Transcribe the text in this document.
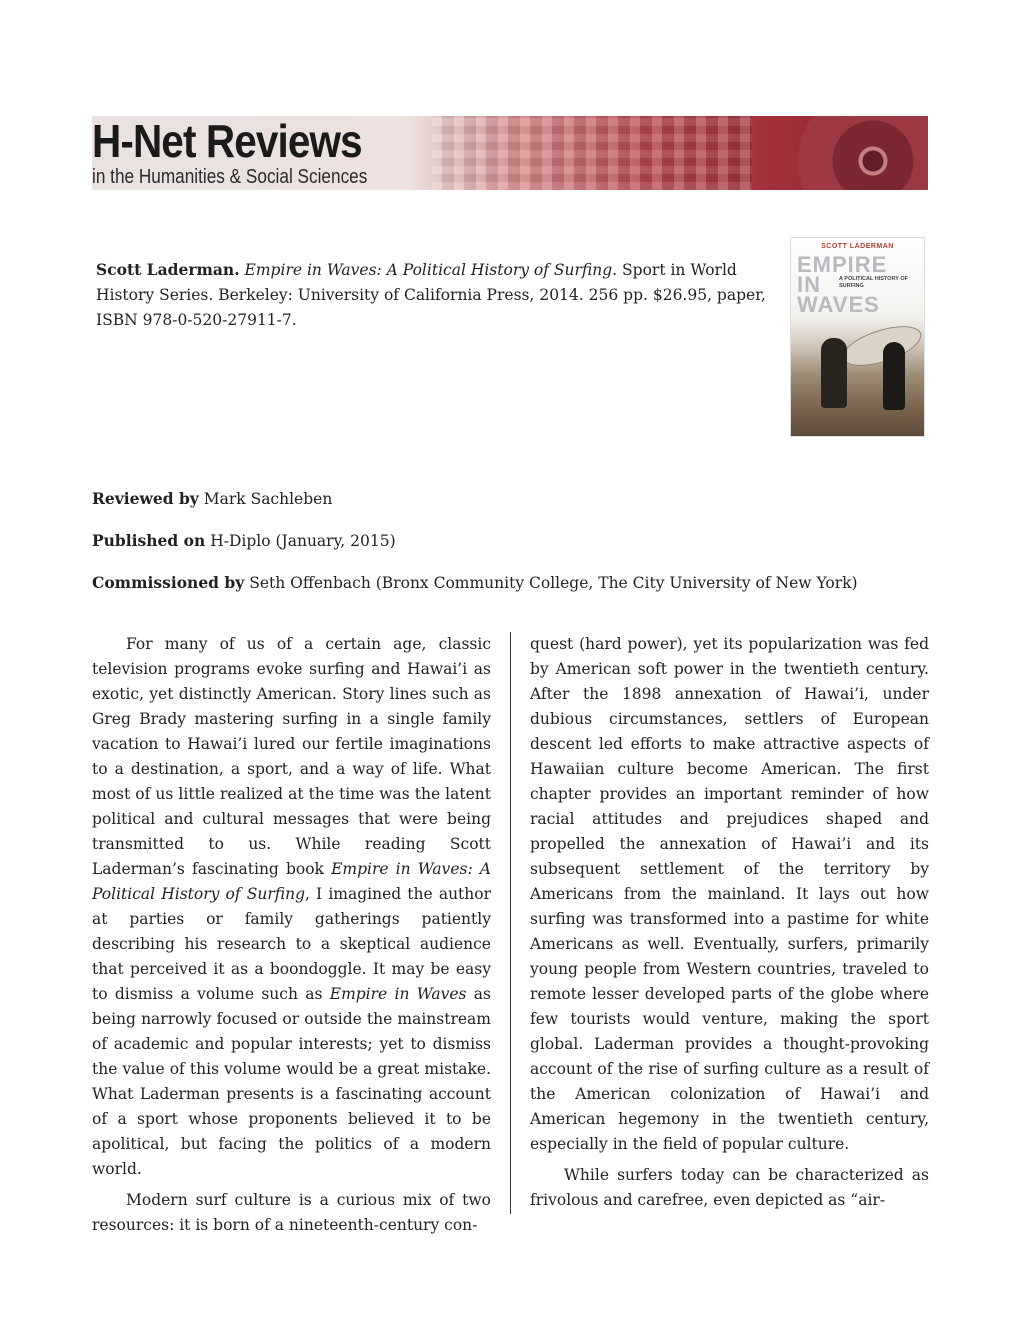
H-Net Reviews
in the Humanities & Social Sciences
Scott Laderman. Empire in Waves: A Political History of Surfing. Sport in World History Series. Berkeley: University of California Press, 2014. 256 pp. $26.95, paper, ISBN 978-0-520-27911-7.
SCOTT LADERMAN
EMPIRE
IN
WAVES
A POLITICAL HISTORY OF SURFING
Reviewed by Mark Sachleben
Published on H-Diplo (January, 2015)
Commissioned by Seth Offenbach (Bronx Community College, The City University of New York)

For many of us of a certain age, classic television programs evoke surfing and Hawai’i as exotic, yet distinctly American. Story lines such as Greg Brady mastering surfing in a single family vacation to Hawai’i lured our fertile imaginations to a destination, a sport, and a way of life. What most of us little realized at the time was the latent political and cultural messages that were being transmitted to us. While reading Scott Laderman’s fascinating book Empire in Waves: A Political History of Surfing, I imagined the author at parties or family gatherings patiently describing his research to a skeptical audience that perceived it as a boondoggle. It may be easy to dismiss a volume such as Empire in Waves as being narrowly focused or outside the mainstream of academic and popular interests; yet to dismiss the value of this volume would be a great mistake. What Laderman presents is a fascinating account of a sport whose proponents believed it to be apolitical, but facing the politics of a modern world.

Modern surf culture is a curious mix of two resources: it is born of a nineteenth-century con-

quest (hard power), yet its popularization was fed by American soft power in the twentieth century. After the 1898 annexation of Hawai’i, under dubious circumstances, settlers of European descent led efforts to make attractive aspects of Hawaiian culture become American. The first chapter provides an important reminder of how racial attitudes and prejudices shaped and propelled the annexation of Hawai’i and its subsequent settlement of the territory by Americans from the mainland. It lays out how surfing was transformed into a pastime for white Americans as well. Eventually, surfers, primarily young people from Western countries, traveled to remote lesser developed parts of the globe where few tourists would venture, making the sport global. Laderman provides a thought-provoking account of the rise of surfing culture as a result of the American colonization of Hawai’i and American hegemony in the twentieth century, especially in the field of popular culture.

While surfers today can be characterized as frivolous and carefree, even depicted as “air-
